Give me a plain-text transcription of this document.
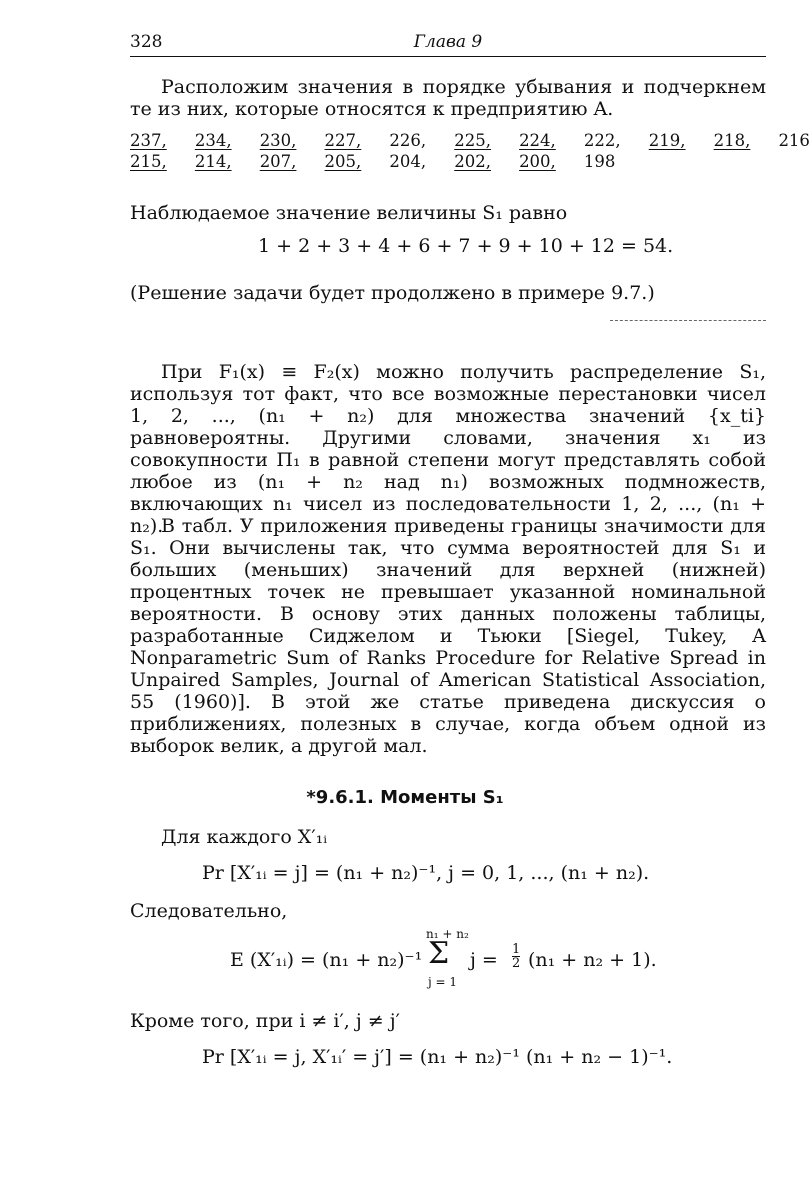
328	Глава 9

Расположим значения в порядке убывания и подчеркнем те из них, которые относятся к предприятию A.

237,	234,	230,	227,	226,	225,	224,	222,	219,	218,	216
215,	214,	207,	205,	204,	202,	200,	198			

Наблюдаемое значение величины S₁ равно

1 + 2 + 3 + 4 + 6 + 7 + 9 + 10 + 12 = 54.

(Решение задачи будет продолжено в примере 9.7.)

При F₁(x) ≡ F₂(x) можно получить распределение S₁, используя тот факт, что все возможные перестановки чисел 1, 2, ..., (n₁ + n₂) для множества значений {x_ti} равновероятны. Другими словами, значения x₁ из совокупности Π₁ в равной степени могут представлять собой любое из (n₁ + n₂ над n₁) возможных подмножеств, включающих n₁ чисел из последовательности 1, 2, ..., (n₁ + n₂).

В табл. У приложения приведены границы значимости для S₁. Они вычислены так, что сумма вероятностей для S₁ и больших (меньших) значений для верхней (нижней) процентных точек не превышает указанной номинальной вероятности. В основу этих данных положены таблицы, разработанные Сиджелом и Тьюки [Siegel, Tukey, A Nonparametric Sum of Ranks Procedure for Relative Spread in Unpaired Samples, Journal of American Statistical Association, 55 (1960)]. В этой же статье приведена дискуссия о приближениях, полезных в случае, когда объем одной из выборок велик, а другой мал.

*9.6.1. Моменты S₁

Для каждого X′₁ᵢ

Pr [X′₁ᵢ = j] = (n₁ + n₂)⁻¹, j = 0, 1, ..., (n₁ + n₂).

Следовательно,

E (X′₁ᵢ) = (n₁ + n₂)⁻¹
n₁ + n₂
Σ
j = 1
$j = \frac{1}{2} (n_1 + n_2 + 1)$.

Кроме того, при i ≠ i′, j ≠ j′

Pr [X′₁ᵢ = j, X′₁ᵢ′ = j′] = (n₁ + n₂)⁻¹ (n₁ + n₂ − 1)⁻¹.
